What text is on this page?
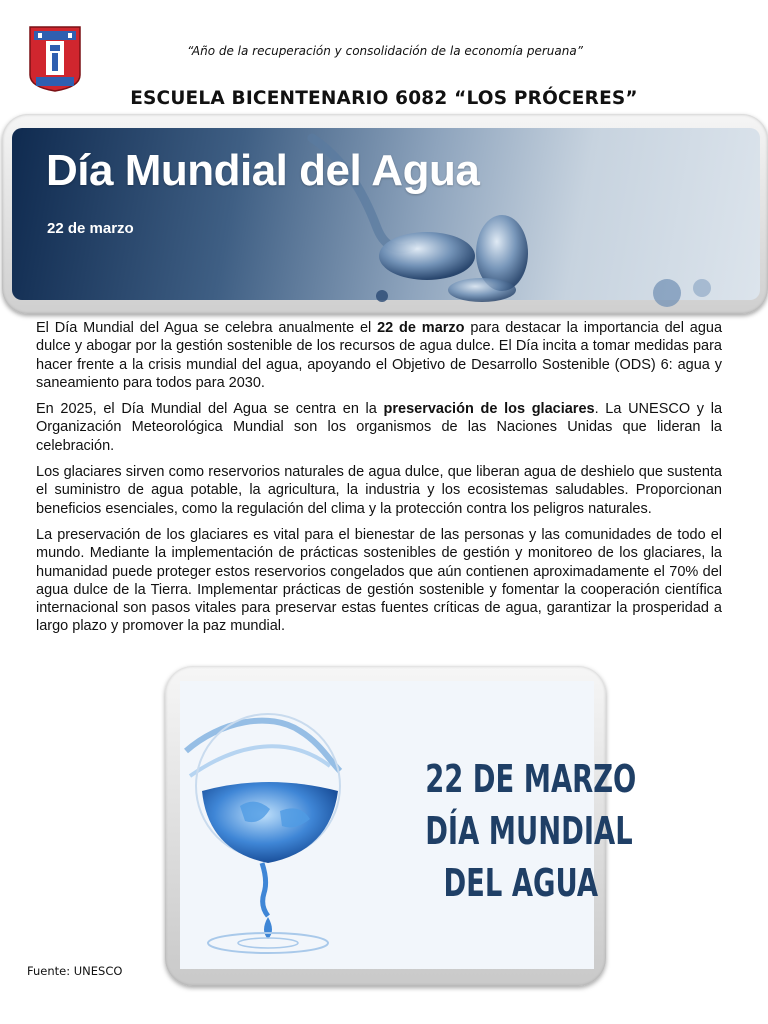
“Año de la recuperación y consolidación de la economía peruana”
ESCUELA BICENTENARIO 6082 “LOS PRÓCERES”
Día Mundial del Agua
22 de marzo

El Día Mundial del Agua se celebra anualmente el 22 de marzo para destacar la importancia del agua dulce y abogar por la gestión sostenible de los recursos de agua dulce. El Día incita a tomar medidas para hacer frente a la crisis mundial del agua, apoyando el Objetivo de Desarrollo Sostenible (ODS) 6: agua y saneamiento para todos para 2030.

En 2025, el Día Mundial del Agua se centra en la preservación de los glaciares. La UNESCO y la Organización Meteorológica Mundial son los organismos de las Naciones Unidas que lideran la celebración.

Los glaciares sirven como reservorios naturales de agua dulce, que liberan agua de deshielo que sustenta el suministro de agua potable, la agricultura, la industria y los ecosistemas saludables. Proporcionan beneficios esenciales, como la regulación del clima y la protección contra los peligros naturales.

La preservación de los glaciares es vital para el bienestar de las personas y las comunidades de todo el mundo. Mediante la implementación de prácticas sostenibles de gestión y monitoreo de los glaciares, la humanidad puede proteger estos reservorios congelados que aún contienen aproximadamente el 70% del agua dulce de la Tierra. Implementar prácticas de gestión sostenible y fomentar la cooperación científica internacional son pasos vitales para preservar estas fuentes críticas de agua, garantizar la prosperidad a largo plazo y promover la paz mundial.

22 DE MARZO
DÍA MUNDIAL
DEL AGUA
Fuente: UNESCO
